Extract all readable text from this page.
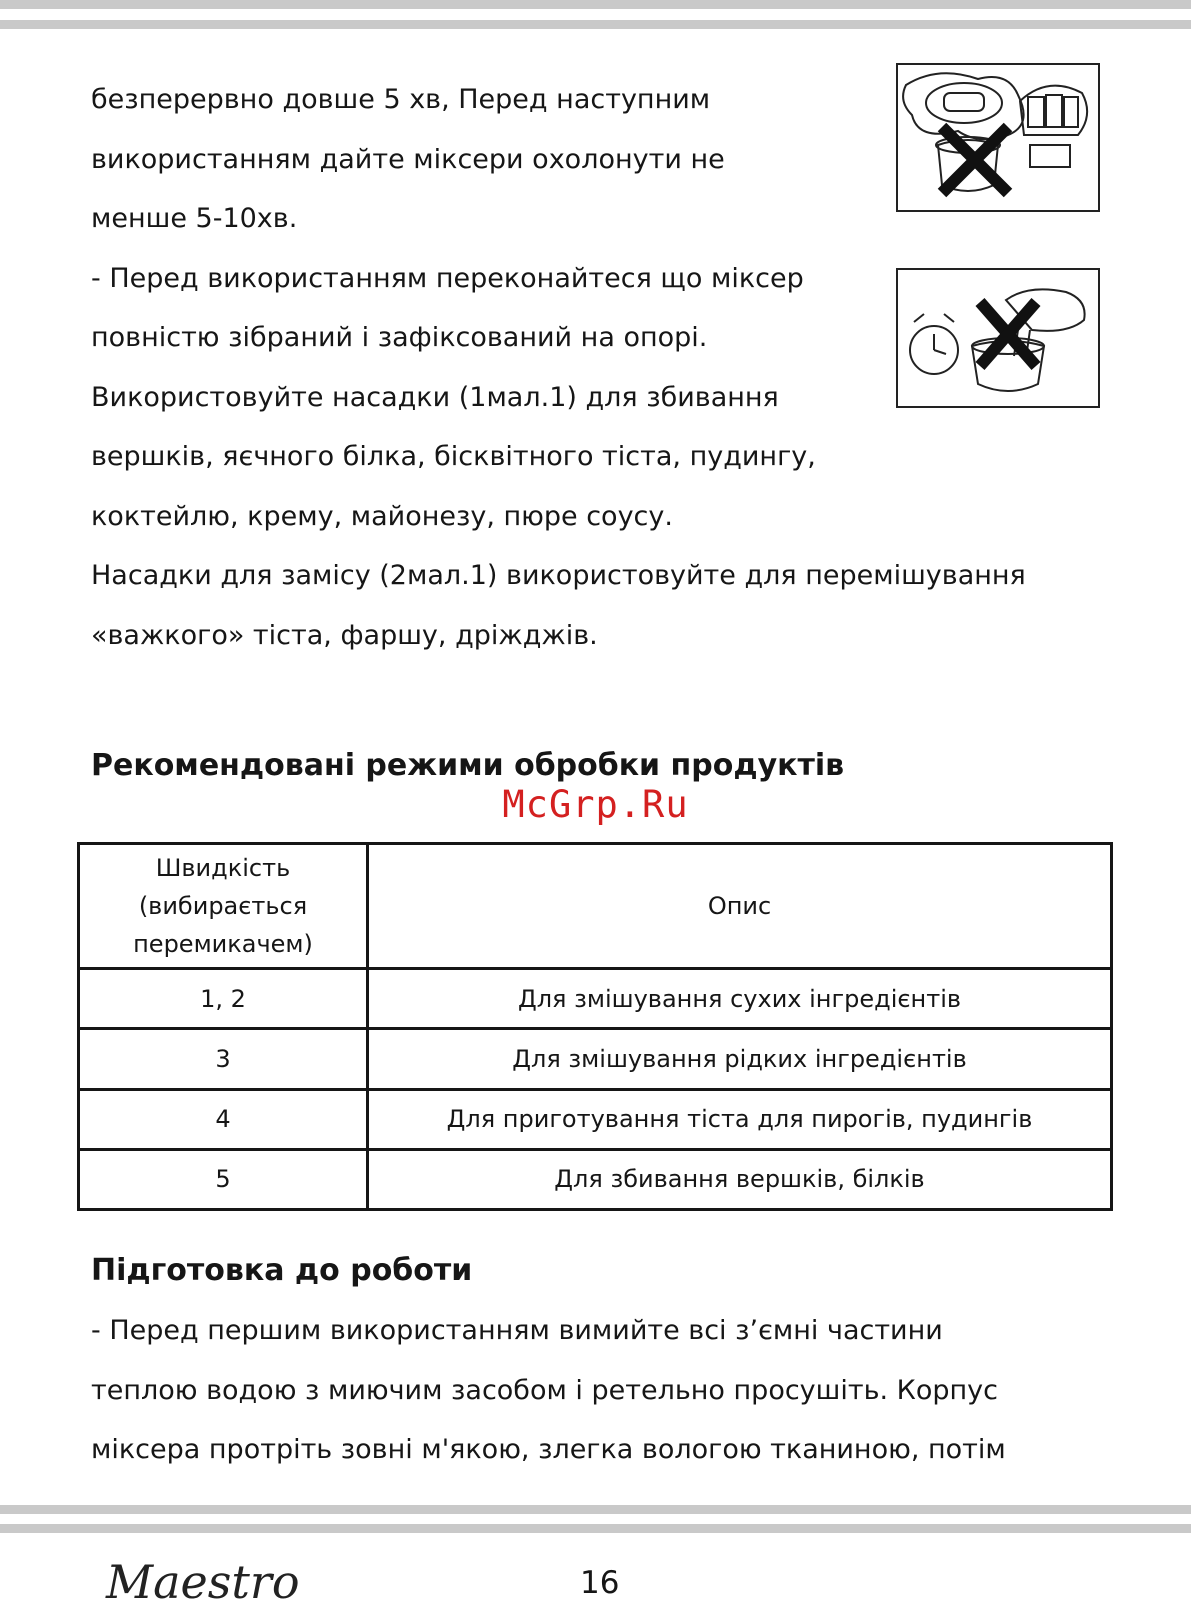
безперервно довше 5 хв, Перед наступним
використанням дайте міксери охолонути не
менше 5-10хв.
- Перед використанням переконайтеся що міксер
повністю зібраний і зафіксований на опорі.
Використовуйте насадки (1мал.1) для збивання
вершків, яєчного білка, бісквітного тіста, пудингу,
коктейлю, крему, майонезу, пюре соусу.
Насадки для замісу (2мал.1) використовуйте для перемішування
«важкого» тіста, фаршу, дріжджів.
Рекомендовані режими обробки продуктів
McGrp.Ru
Швидкість
(вибирається
перемикачем)	Опис
1, 2	Для змішування сухих інгредієнтів
3	Для змішування рідких інгредієнтів
4	Для приготування тіста для пирогів, пудингів
5	Для збивання вершків, білків
Підготовка до роботи
- Перед першим використанням вимийте всі з’ємні частини
теплою водою з миючим засобом і ретельно просушіть. Корпус
міксера протріть зовні м'якою, злегка вологою тканиною, потім
Maestro	16
